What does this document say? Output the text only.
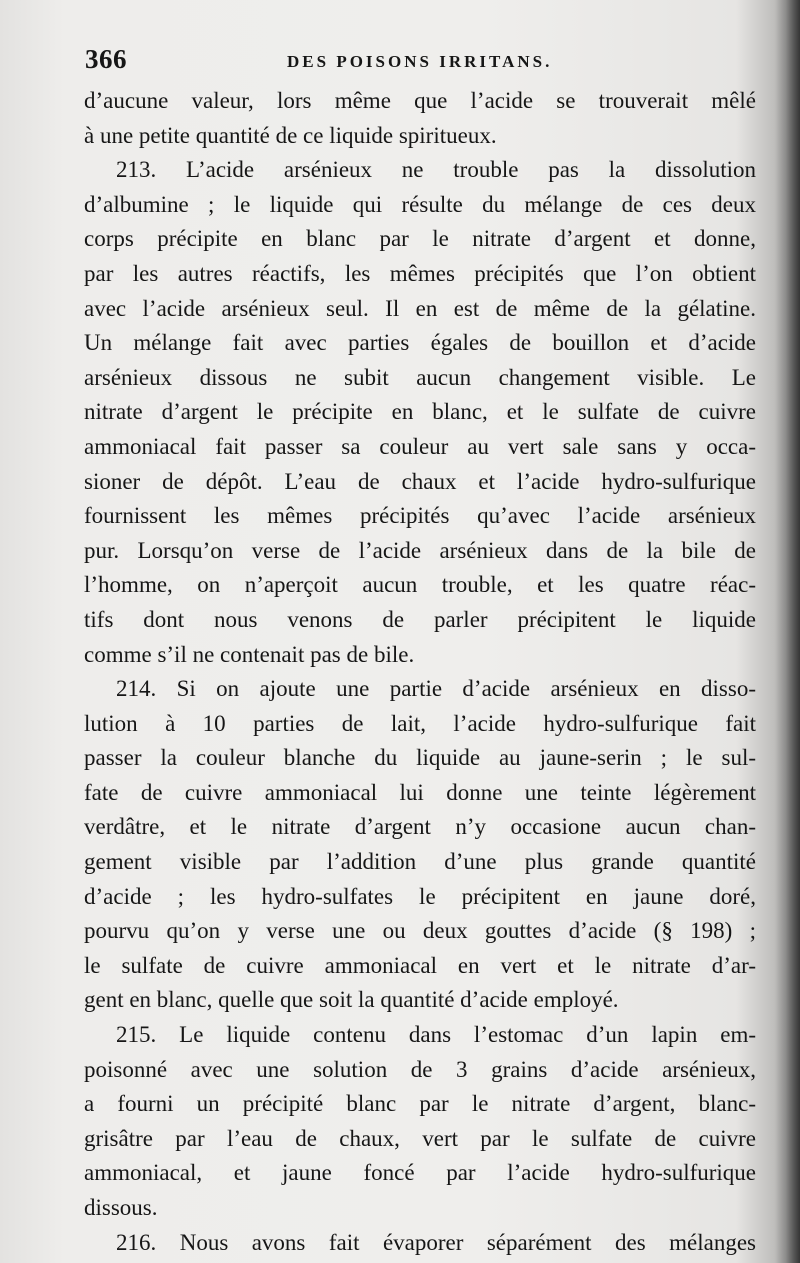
366	DES POISONS IRRITANS.
d’aucune valeur, lors même que l’acide se trouverait mêlé
à une petite quantité de ce liquide spiritueux.
213. L’acide arsénieux ne trouble pas la dissolution
d’albumine ; le liquide qui résulte du mélange de ces deux
corps précipite en blanc par le nitrate d’argent et donne,
par les autres réactifs, les mêmes précipités que l’on obtient
avec l’acide arsénieux seul. Il en est de même de la gélatine.
Un mélange fait avec parties égales de bouillon et d’acide
arsénieux dissous ne subit aucun changement visible. Le
nitrate d’argent le précipite en blanc, et le sulfate de cuivre
ammoniacal fait passer sa couleur au vert sale sans y occa-
sioner de dépôt. L’eau de chaux et l’acide hydro-sulfurique
fournissent les mêmes précipités qu’avec l’acide arsénieux
pur. Lorsqu’on verse de l’acide arsénieux dans de la bile de
l’homme, on n’aperçoit aucun trouble, et les quatre réac-
tifs dont nous venons de parler précipitent le liquide
comme s’il ne contenait pas de bile.
214. Si on ajoute une partie d’acide arsénieux en disso-
lution à 10 parties de lait, l’acide hydro-sulfurique fait
passer la couleur blanche du liquide au jaune-serin ; le sul-
fate de cuivre ammoniacal lui donne une teinte légèrement
verdâtre, et le nitrate d’argent n’y occasione aucun chan-
gement visible par l’addition d’une plus grande quantité
d’acide ; les hydro-sulfates le précipitent en jaune doré,
pourvu qu’on y verse une ou deux gouttes d’acide (§ 198) ;
le sulfate de cuivre ammoniacal en vert et le nitrate d’ar-
gent en blanc, quelle que soit la quantité d’acide employé.
215. Le liquide contenu dans l’estomac d’un lapin em-
poisonné avec une solution de 3 grains d’acide arsénieux,
a fourni un précipité blanc par le nitrate d’argent, blanc-
grisâtre par l’eau de chaux, vert par le sulfate de cuivre
ammoniacal, et jaune foncé par l’acide hydro-sulfurique
dissous.
216. Nous avons fait évaporer séparément des mélanges
